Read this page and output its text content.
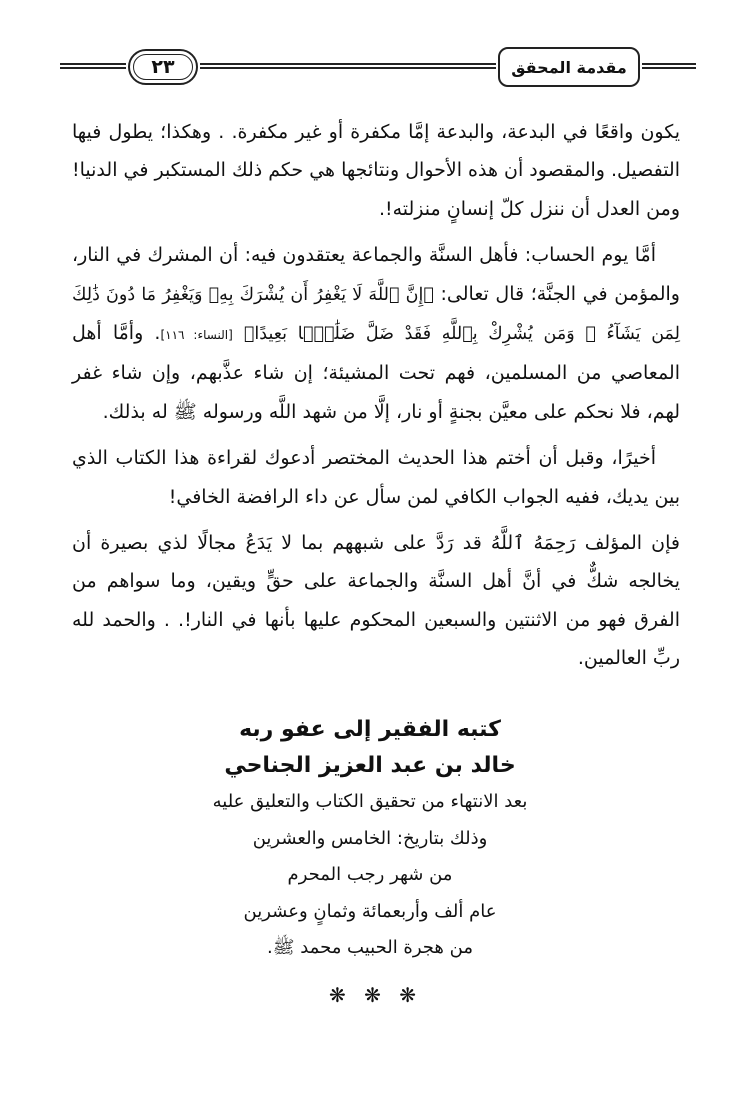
٢٣	مقدمة المحقق

يكون واقعًا في البدعة، والبدعة إمَّا مكفرة أو غير مكفرة. . وهكذا؛ يطول فيها التفصيل. والمقصود أن هذه الأحوال ونتائجها هي حكم ذلك المستكبر في الدنيا! ومن العدل أن ننزل كلّ إنسانٍ منزلته!.

أمَّا يوم الحساب: فأهل السنَّة والجماعة يعتقدون فيه: أن المشرك في النار، والمؤمن في الجنَّة؛ قال تعالى: ﴿إِنَّ ٱللَّهَ لَا يَغْفِرُ أَن يُشْرَكَ بِهِۦ وَيَغْفِرُ مَا دُونَ ذَٰلِكَ لِمَن يَشَآءُ ۚ وَمَن يُشْرِكْ بِٱللَّهِ فَقَدْ ضَلَّ ضَلَٰلًۢا بَعِيدًا﴾ [النساء: ١١٦]. وأمَّا أهل المعاصي من المسلمين، فهم تحت المشيئة؛ إن شاء عذَّبهم، وإن شاء غفر لهم، فلا نحكم على معيَّن بجنةٍ أو نار، إلَّا من شهد اللَّه ورسوله ﷺ له بذلك.

أخيرًا، وقبل أن أختم هذا الحديث المختصر أدعوك لقراءة هذا الكتاب الذي بين يديك، ففيه الجواب الكافي لمن سأل عن داء الرافضة الخافي!

فإن المؤلف رَحِمَهُ ٱللَّهُ قد رَدَّ على شبههم بما لا يَدَعُ مجالًا لذي بصيرة أن يخالجه شكٌّ في أنَّ أهل السنَّة والجماعة على حقٍّ ويقين، وما سواهم من الفرق فهو من الاثنتين والسبعين المحكوم عليها بأنها في النار!. . والحمد لله ربِّ العالمين.

كتبه الفقير إلى عفو ربه
خالد بن عبد العزيز الجناحي
بعد الانتهاء من تحقيق الكتاب والتعليق عليه
وذلك بتاريخ: الخامس والعشرين
من شهر رجب المحرم
عام ألف وأربعمائة وثمانٍ وعشرين
من هجرة الحبيب محمد ﷺ.
❋ ❋ ❋
